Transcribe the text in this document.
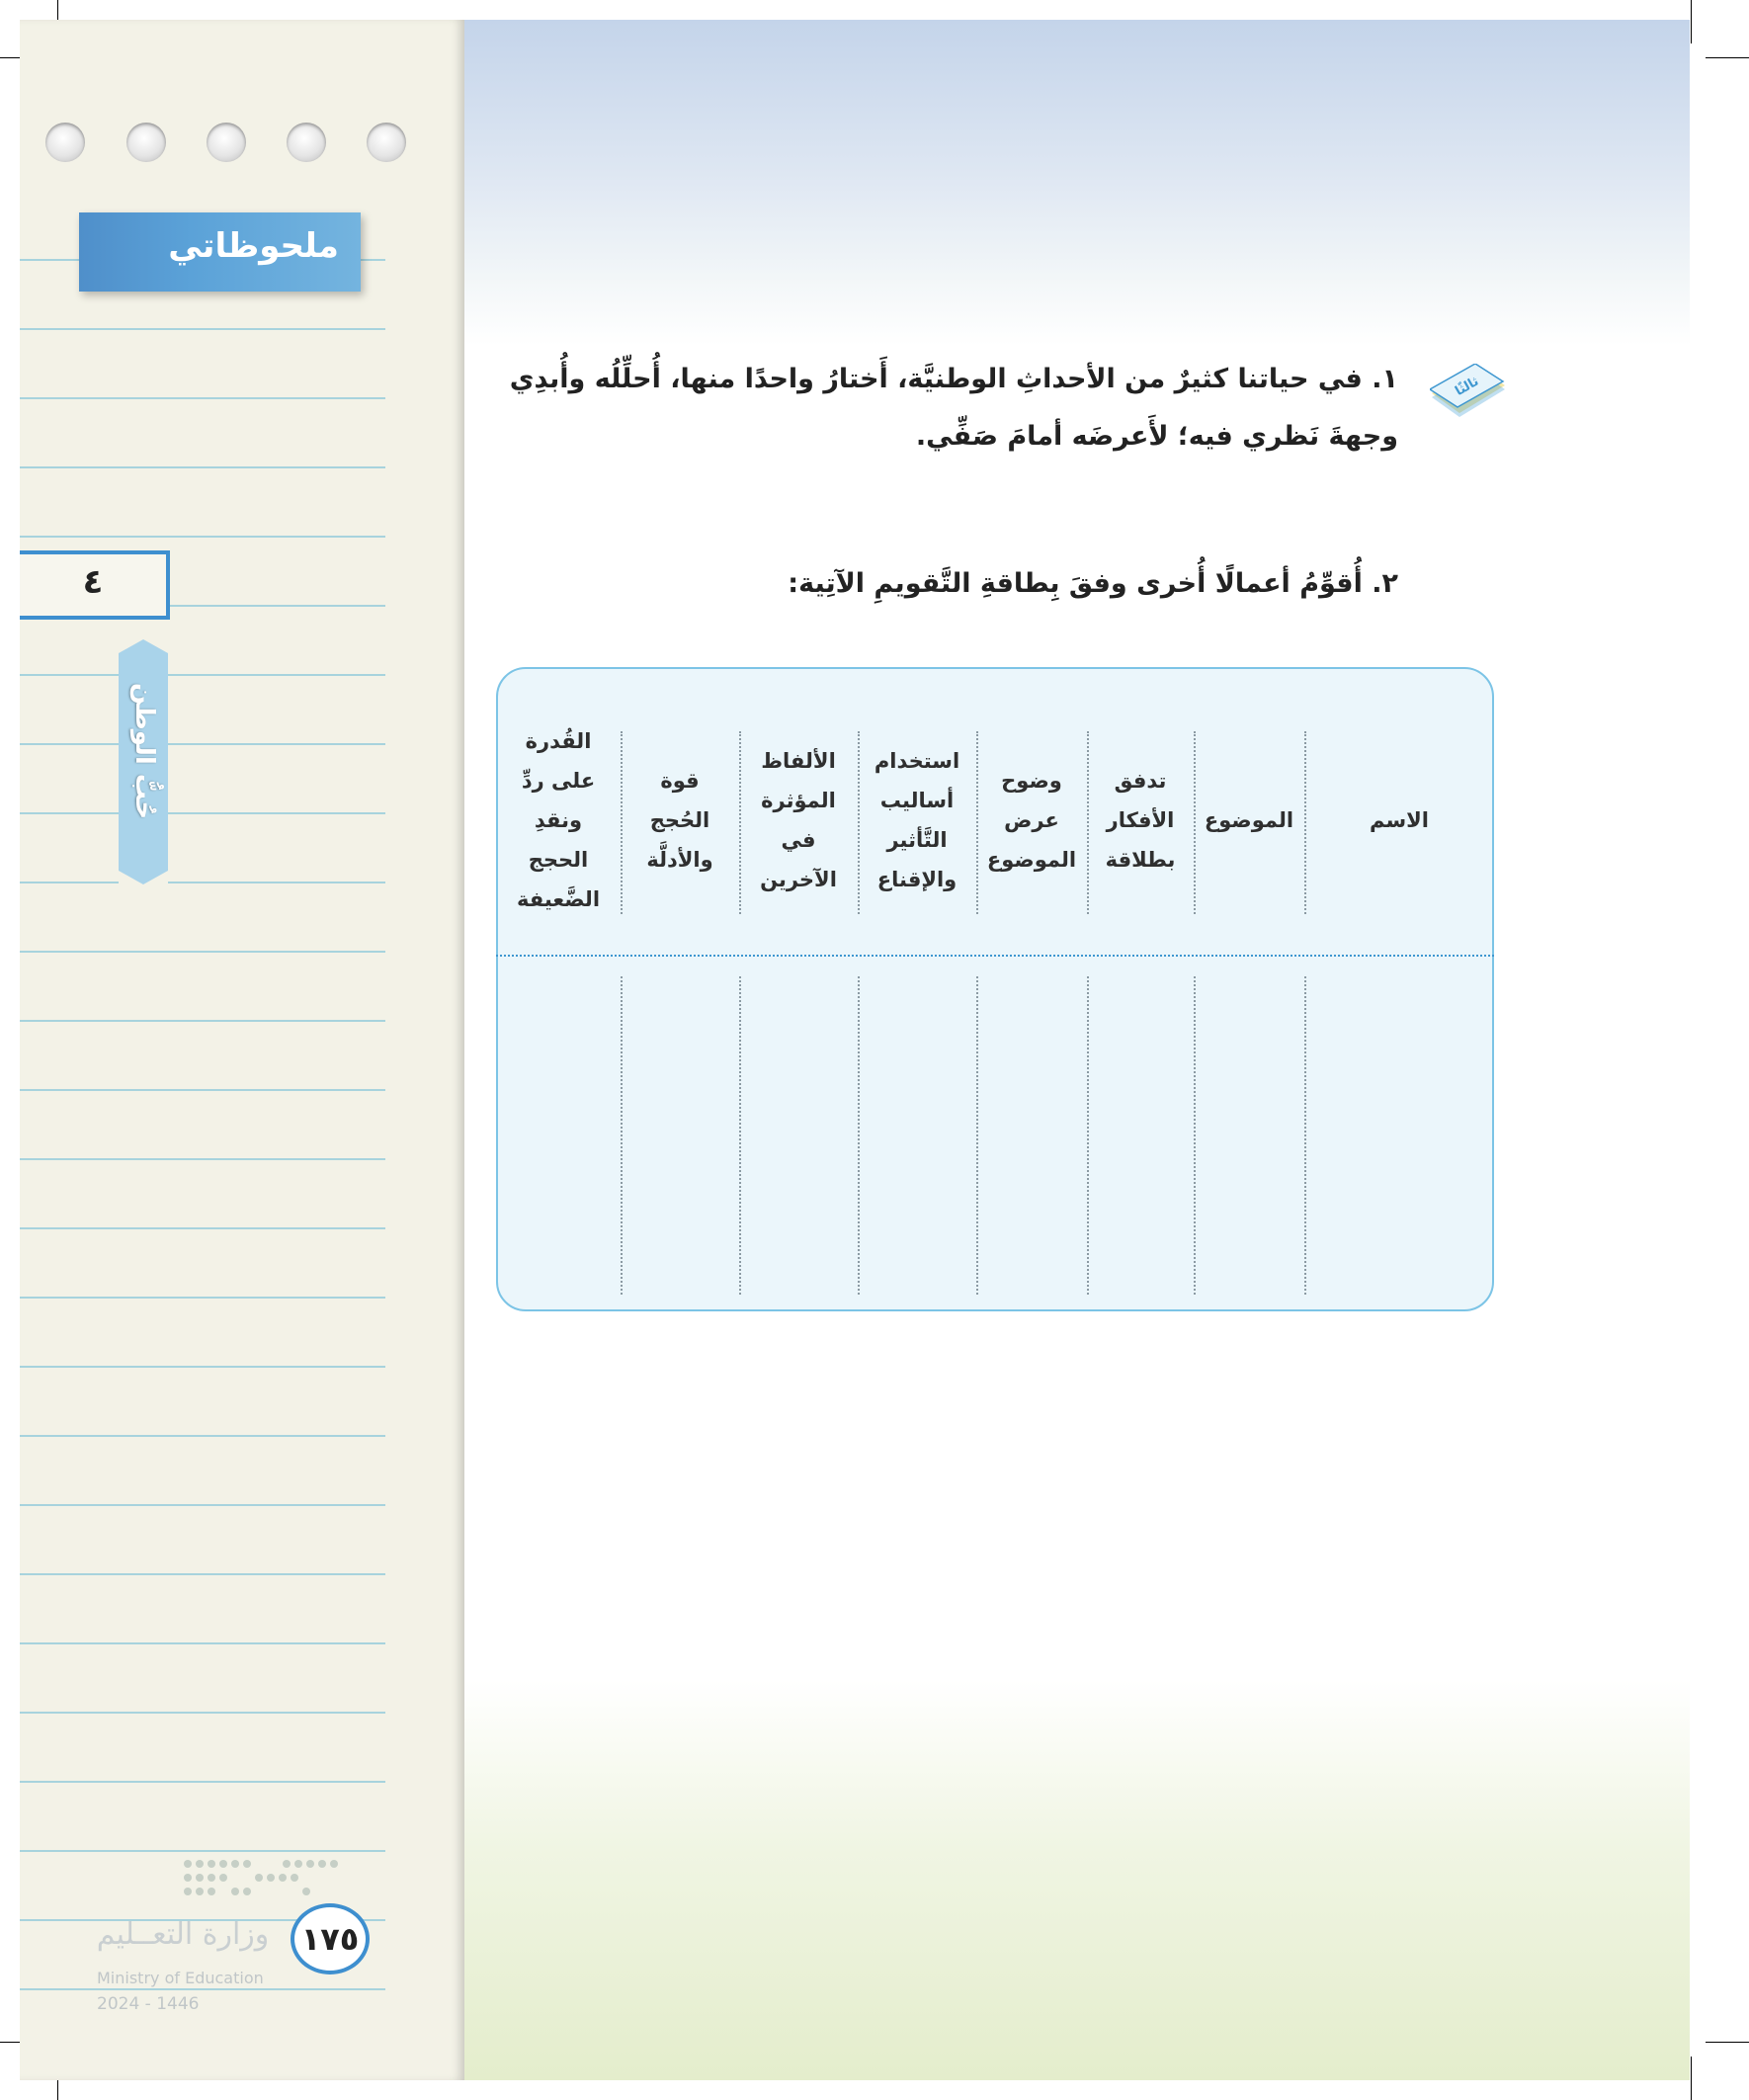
ملحوظاتي
٤
حُبُّ الوطن
وزارة التعــليم
Ministry of Education
2024 - 1446
١٧٥
ثالثًا
١. في حياتنا كثيرٌ من الأحداثِ الوطنيَّة، أَختارُ واحدًا منها، أُحلِّلُه وأُبدِي
وجهةَ نَظري فيه؛ لأَعرضَه أمامَ صَفِّي.
٢. أُقوِّمُ أعمالًا أُخرى وفقَ بِطاقةِ التَّقويمِ الآتِية:
الاسم
الموضوع
تدفق
الأفكار
بطلاقة
وضوح
عرض
الموضوع
استخدام
أساليب
التَّأثير
والإقناع
الألفاظ
المؤثرة
في
الآخرين
قوة
الحُجج
والأدلَّة
القُدرة
على ردِّ
ونقدِ
الحجج
الضَّعيفة
